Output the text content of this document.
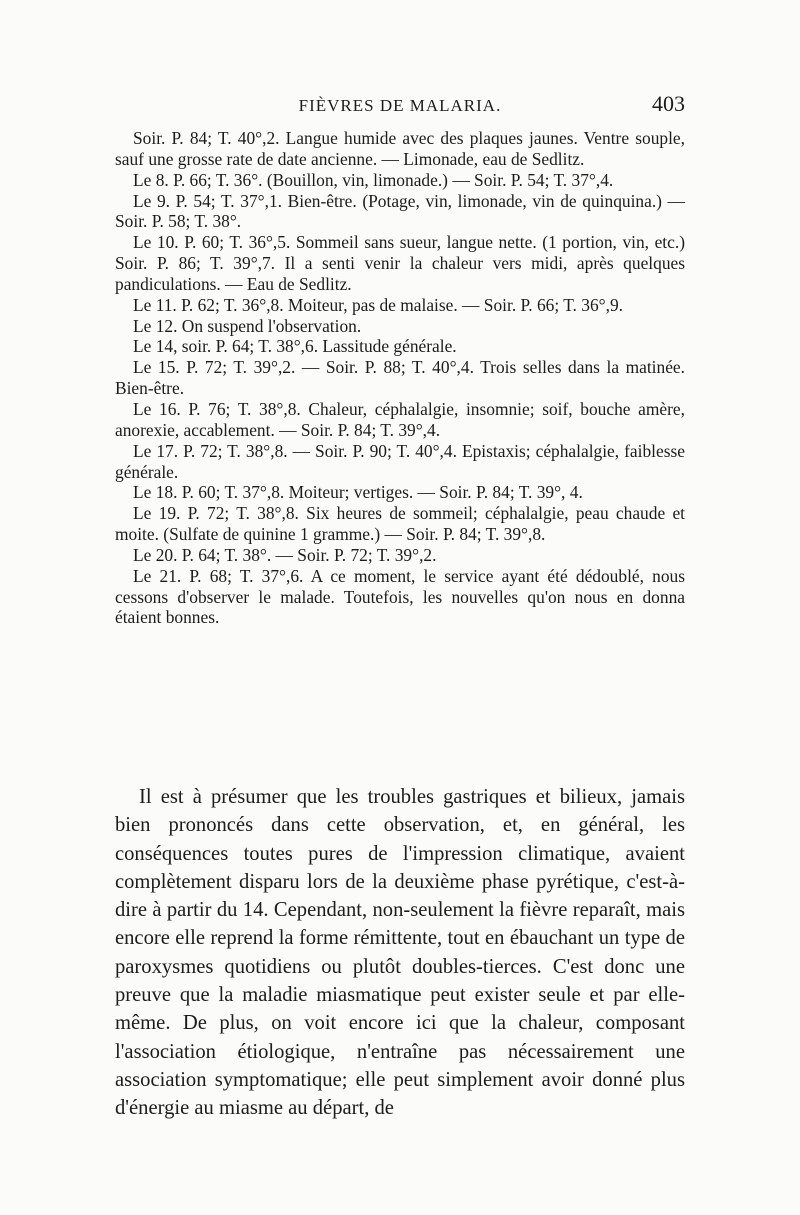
FIÈVRES DE MALARIA.	403

Soir. P. 84; T. 40°,2. Langue humide avec des plaques jaunes. Ventre souple, sauf une grosse rate de date ancienne. — Limonade, eau de Sedlitz.

Le 8. P. 66; T. 36°. (Bouillon, vin, limonade.) — Soir. P. 54; T. 37°,4.

Le 9. P. 54; T. 37°,1. Bien-être. (Potage, vin, limonade, vin de quinquina.) — Soir. P. 58; T. 38°.

Le 10. P. 60; T. 36°,5. Sommeil sans sueur, langue nette. (1 portion, vin, etc.) Soir. P. 86; T. 39°,7. Il a senti venir la chaleur vers midi, après quelques pandiculations. — Eau de Sedlitz.

Le 11. P. 62; T. 36°,8. Moiteur, pas de malaise. — Soir. P. 66; T. 36°,9.

Le 12. On suspend l'observation.

Le 14, soir. P. 64; T. 38°,6. Lassitude générale.

Le 15. P. 72; T. 39°,2. — Soir. P. 88; T. 40°,4. Trois selles dans la matinée. Bien-être.

Le 16. P. 76; T. 38°,8. Chaleur, céphalalgie, insomnie; soif, bouche amère, anorexie, accablement. — Soir. P. 84; T. 39°,4.

Le 17. P. 72; T. 38°,8. — Soir. P. 90; T. 40°,4. Epistaxis; céphalalgie, faiblesse générale.

Le 18. P. 60; T. 37°,8. Moiteur; vertiges. — Soir. P. 84; T. 39°, 4.

Le 19. P. 72; T. 38°,8. Six heures de sommeil; céphalalgie, peau chaude et moite. (Sulfate de quinine 1 gramme.) — Soir. P. 84; T. 39°,8.

Le 20. P. 64; T. 38°. — Soir. P. 72; T. 39°,2.

Le 21. P. 68; T. 37°,6. A ce moment, le service ayant été dédoublé, nous cessons d'observer le malade. Toutefois, les nouvelles qu'on nous en donna étaient bonnes.

Il est à présumer que les troubles gastriques et bilieux, jamais bien prononcés dans cette observation, et, en général, les conséquences toutes pures de l'impression climatique, avaient complètement disparu lors de la deuxième phase pyrétique, c'est-à-dire à partir du 14. Cependant, non-seulement la fièvre reparaît, mais encore elle reprend la forme rémittente, tout en ébauchant un type de paroxysmes quotidiens ou plutôt doubles-tierces. C'est donc une preuve que la maladie miasmatique peut exister seule et par elle-même. De plus, on voit encore ici que la chaleur, composant l'association étiologique, n'entraîne pas nécessairement une association symptomatique; elle peut simplement avoir donné plus d'énergie au miasme au départ, de
